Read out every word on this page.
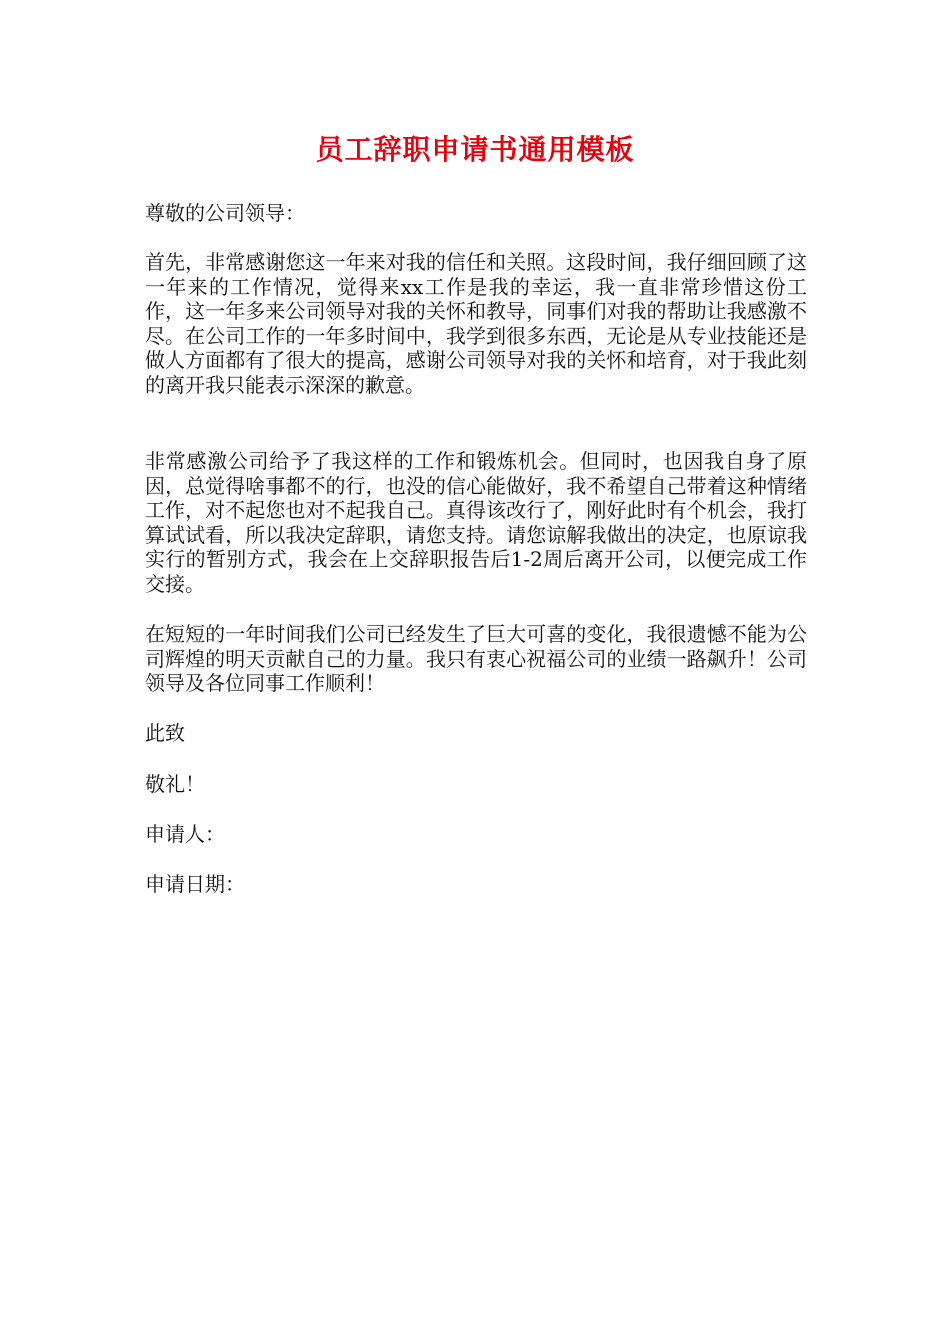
员工辞职申请书通用模板

尊敬的公司领导：

首先，非常感谢您这一年来对我的信任和关照。这段时间，我仔细回顾了这一年来的工作情况，觉得来xx工作是我的幸运，我一直非常珍惜这份工作，这一年多来公司领导对我的关怀和教导，同事们对我的帮助让我感激不尽。在公司工作的一年多时间中，我学到很多东西，无论是从专业技能还是做人方面都有了很大的提高，感谢公司领导对我的关怀和培育，对于我此刻的离开我只能表示深深的歉意。

非常感激公司给予了我这样的工作和锻炼机会。但同时，也因我自身了原因，总觉得啥事都不的行，也没的信心能做好，我不希望自己带着这种情绪工作，对不起您也对不起我自己。真得该改行了，刚好此时有个机会，我打算试试看，所以我决定辞职，请您支持。请您谅解我做出的决定，也原谅我实行的暂别方式，我会在上交辞职报告后1-2周后离开公司，以便完成工作交接。

在短短的一年时间我们公司已经发生了巨大可喜的变化，我很遗憾不能为公司辉煌的明天贡献自己的力量。我只有衷心祝福公司的业绩一路飙升！公司领导及各位同事工作顺利！

此致

敬礼！

申请人：

申请日期：
